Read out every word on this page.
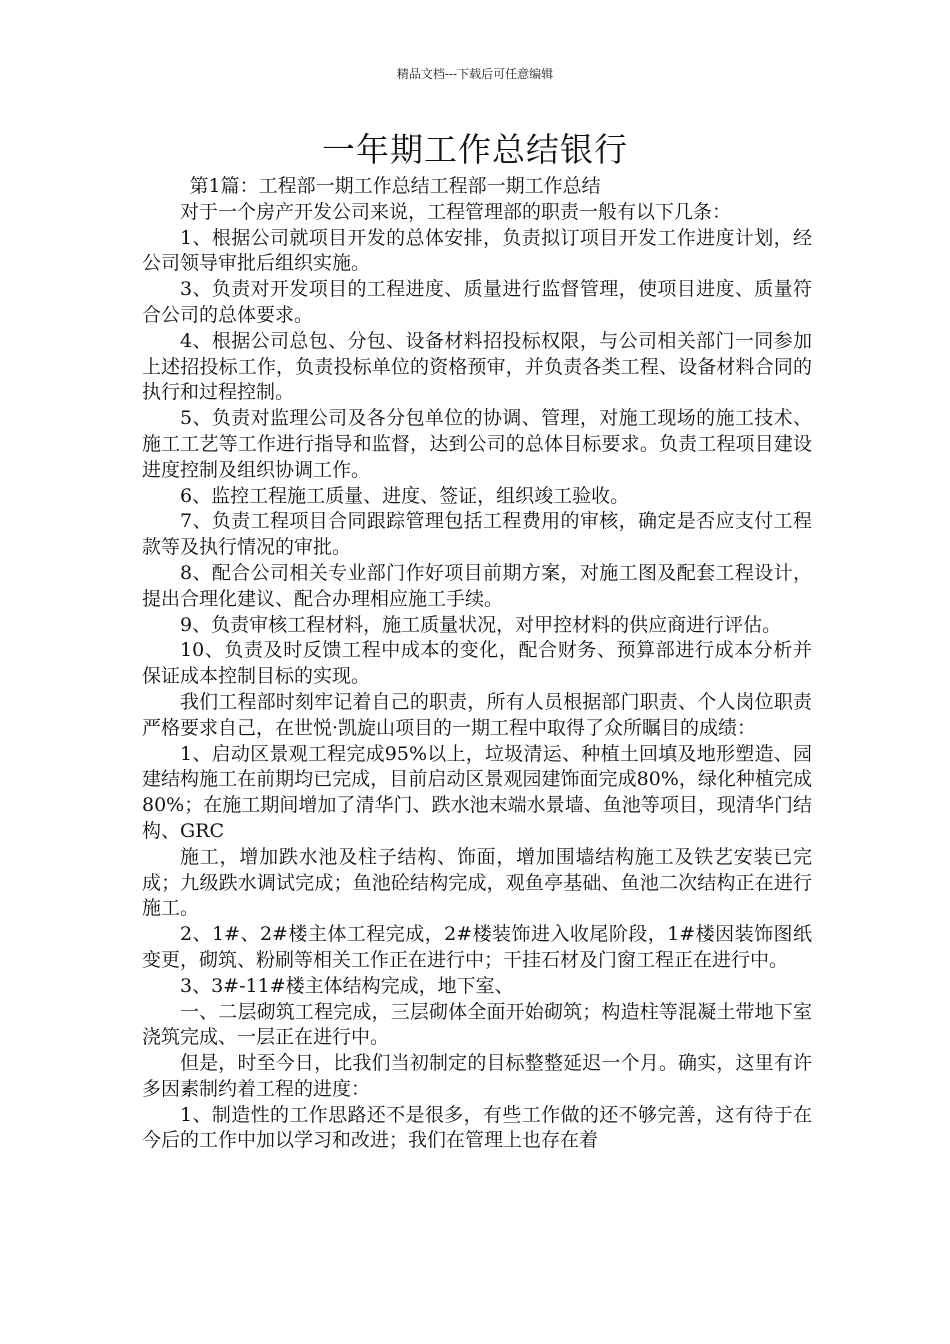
精品文档---下载后可任意编辑
一年期工作总结银行

第1篇：工程部一期工作总结工程部一期工作总结

对于一个房产开发公司来说，工程管理部的职责一般有以下几条：

1、根据公司就项目开发的总体安排，负责拟订项目开发工作进度计划，经公司领导审批后组织实施。

3、负责对开发项目的工程进度、质量进行监督管理，使项目进度、质量符合公司的总体要求。

4、根据公司总包、分包、设备材料招投标权限，与公司相关部门一同参加上述招投标工作，负责投标单位的资格预审，并负责各类工程、设备材料合同的执行和过程控制。

5、负责对监理公司及各分包单位的协调、管理，对施工现场的施工技术、施工工艺等工作进行指导和监督，达到公司的总体目标要求。负责工程项目建设进度控制及组织协调工作。

6、监控工程施工质量、进度、签证，组织竣工验收。

7、负责工程项目合同跟踪管理包括工程费用的审核，确定是否应支付工程款等及执行情况的审批。

8、配合公司相关专业部门作好项目前期方案，对施工图及配套工程设计，提出合理化建议、配合办理相应施工手续。

9、负责审核工程材料，施工质量状况，对甲控材料的供应商进行评估。

10、负责及时反馈工程中成本的变化，配合财务、预算部进行成本分析并保证成本控制目标的实现。

我们工程部时刻牢记着自己的职责，所有人员根据部门职责、个人岗位职责严格要求自己，在世悦·凯旋山项目的一期工程中取得了众所瞩目的成绩：

1、启动区景观工程完成95%以上，垃圾清运、种植土回填及地形塑造、园建结构施工在前期均已完成，目前启动区景观园建饰面完成80%，绿化种植完成80%；在施工期间增加了清华门、跌水池末端水景墙、鱼池等项目，现清华门结构、GRC

施工，增加跌水池及柱子结构、饰面，增加围墙结构施工及铁艺安装已完成；九级跌水调试完成；鱼池砼结构完成，观鱼亭基础、鱼池二次结构正在进行施工。

2、1#、2#楼主体工程完成，2#楼装饰进入收尾阶段，1#楼因装饰图纸变更，砌筑、粉刷等相关工作正在进行中；干挂石材及门窗工程正在进行中。

3、3#-11#楼主体结构完成，地下室、

一、二层砌筑工程完成，三层砌体全面开始砌筑；构造柱等混凝土带地下室浇筑完成、一层正在进行中。

但是，时至今日，比我们当初制定的目标整整延迟一个月。确实，这里有许多因素制约着工程的进度：

1、制造性的工作思路还不是很多，有些工作做的还不够完善，这有待于在今后的工作中加以学习和改进；我们在管理上也存在着
